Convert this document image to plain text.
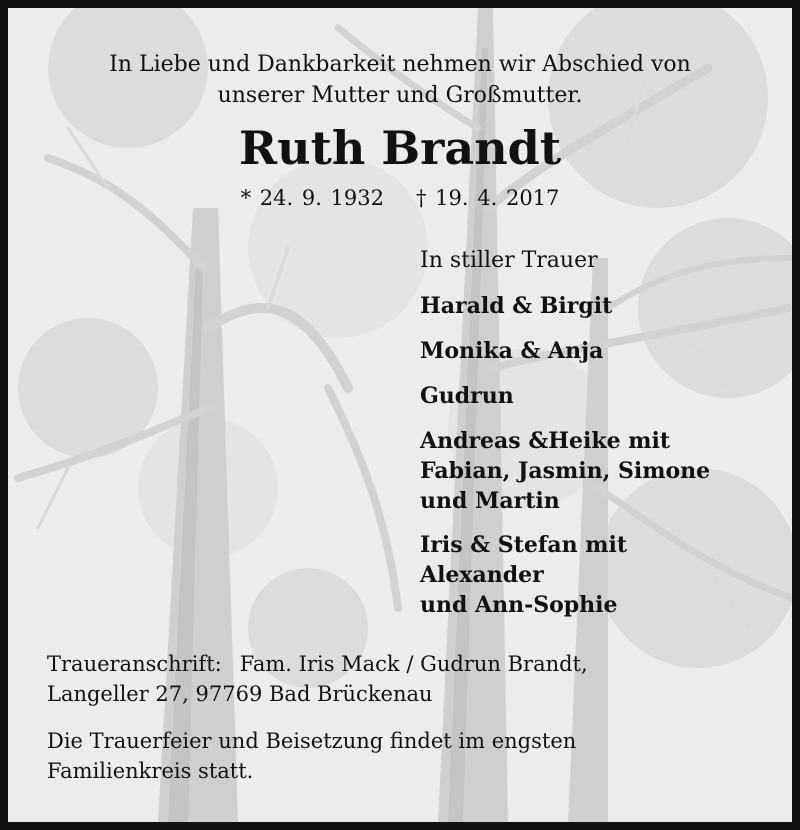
In Liebe und Dankbarkeit nehmen wir Abschied von
unserer Mutter und Großmutter.

Ruth Brandt

* 24. 9. 1932 † 19. 4. 2017

In stiller Trauer

Harald & Birgit

Monika & Anja

Gudrun

Andreas &Heike mit
Fabian, Jasmin, Simone
und Martin

Iris & Stefan mit
Alexander
und Ann-Sophie

Traueranschrift: Fam. Iris Mack / Gudrun Brandt,
Langeller 27, 97769 Bad Brückenau

Die Trauerfeier und Beisetzung findet im engsten
Familienkreis statt.
